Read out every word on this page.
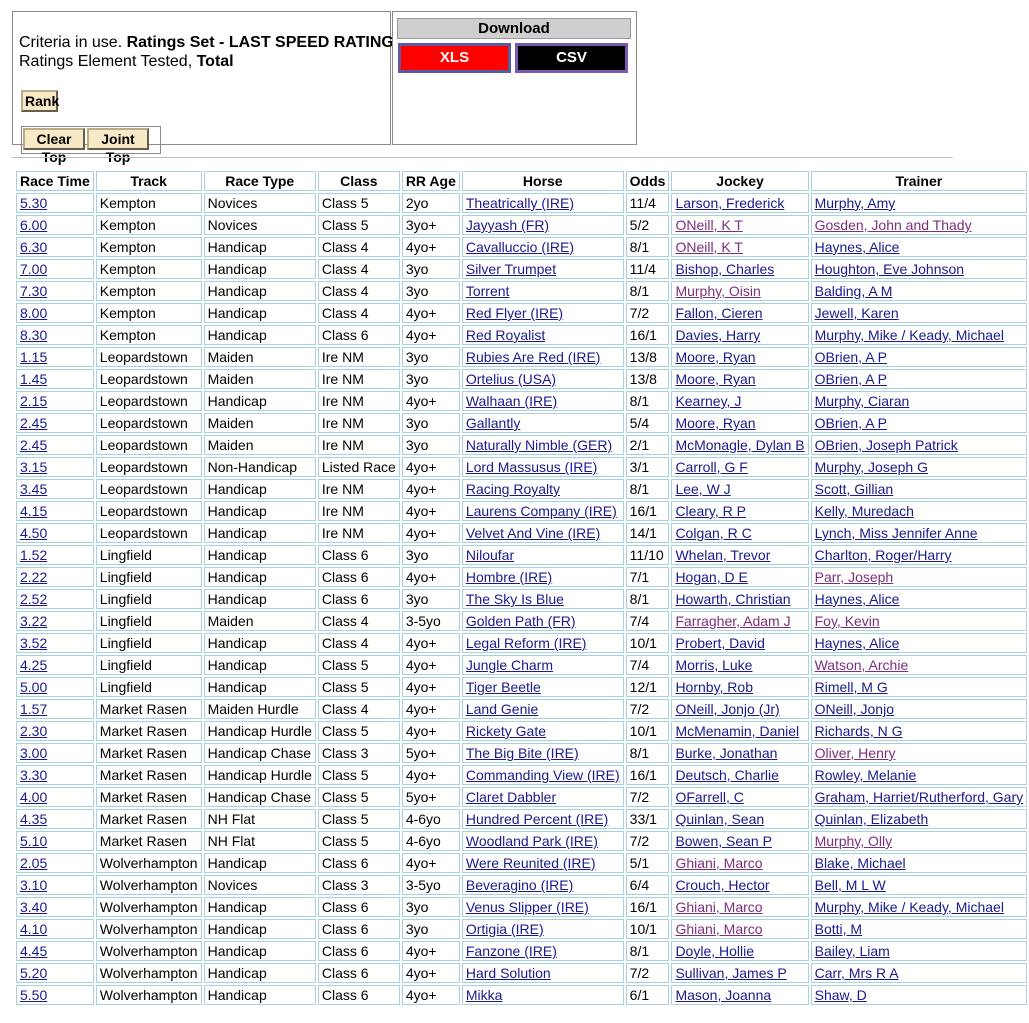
Criteria in use. Ratings Set - LAST SPEED RATING
Ratings Element Tested, Total
Rank
Clear Top
Joint Top
Download
XLS	CSV
Race Time	Track	Race Type	Class	RR Age	Horse	Odds	Jockey	Trainer
5.30	Kempton	Novices	Class 5	2yo	Theatrically (IRE)	11/4	Larson, Frederick	Murphy, Amy
6.00	Kempton	Novices	Class 5	3yo+	Jayyash (FR)	5/2	ONeill, K T	Gosden, John and Thady
6.30	Kempton	Handicap	Class 4	4yo+	Cavalluccio (IRE)	8/1	ONeill, K T	Haynes, Alice
7.00	Kempton	Handicap	Class 4	3yo	Silver Trumpet	11/4	Bishop, Charles	Houghton, Eve Johnson
7.30	Kempton	Handicap	Class 4	3yo	Torrent	8/1	Murphy, Oisin	Balding, A M
8.00	Kempton	Handicap	Class 4	4yo+	Red Flyer (IRE)	7/2	Fallon, Cieren	Jewell, Karen
8.30	Kempton	Handicap	Class 6	4yo+	Red Royalist	16/1	Davies, Harry	Murphy, Mike / Keady, Michael
1.15	Leopardstown	Maiden	Ire NM	3yo	Rubies Are Red (IRE)	13/8	Moore, Ryan	OBrien, A P
1.45	Leopardstown	Maiden	Ire NM	3yo	Ortelius (USA)	13/8	Moore, Ryan	OBrien, A P
2.15	Leopardstown	Handicap	Ire NM	4yo+	Walhaan (IRE)	8/1	Kearney, J	Murphy, Ciaran
2.45	Leopardstown	Maiden	Ire NM	3yo	Gallantly	5/4	Moore, Ryan	OBrien, A P
2.45	Leopardstown	Maiden	Ire NM	3yo	Naturally Nimble (GER)	2/1	McMonagle, Dylan B	OBrien, Joseph Patrick
3.15	Leopardstown	Non-Handicap	Listed Race	4yo+	Lord Massusus (IRE)	3/1	Carroll, G F	Murphy, Joseph G
3.45	Leopardstown	Handicap	Ire NM	4yo+	Racing Royalty	8/1	Lee, W J	Scott, Gillian
4.15	Leopardstown	Handicap	Ire NM	4yo+	Laurens Company (IRE)	16/1	Cleary, R P	Kelly, Muredach
4.50	Leopardstown	Handicap	Ire NM	4yo+	Velvet And Vine (IRE)	14/1	Colgan, R C	Lynch, Miss Jennifer Anne
1.52	Lingfield	Handicap	Class 6	3yo	Niloufar	11/10	Whelan, Trevor	Charlton, Roger/Harry
2.22	Lingfield	Handicap	Class 6	4yo+	Hombre (IRE)	7/1	Hogan, D E	Parr, Joseph
2.52	Lingfield	Handicap	Class 6	3yo	The Sky Is Blue	8/1	Howarth, Christian	Haynes, Alice
3.22	Lingfield	Maiden	Class 4	3-5yo	Golden Path (FR)	7/4	Farragher, Adam J	Foy, Kevin
3.52	Lingfield	Handicap	Class 4	4yo+	Legal Reform (IRE)	10/1	Probert, David	Haynes, Alice
4.25	Lingfield	Handicap	Class 5	4yo+	Jungle Charm	7/4	Morris, Luke	Watson, Archie
5.00	Lingfield	Handicap	Class 5	4yo+	Tiger Beetle	12/1	Hornby, Rob	Rimell, M G
1.57	Market Rasen	Maiden Hurdle	Class 4	4yo+	Land Genie	7/2	ONeill, Jonjo (Jr)	ONeill, Jonjo
2.30	Market Rasen	Handicap Hurdle	Class 5	4yo+	Rickety Gate	10/1	McMenamin, Daniel	Richards, N G
3.00	Market Rasen	Handicap Chase	Class 3	5yo+	The Big Bite (IRE)	8/1	Burke, Jonathan	Oliver, Henry
3.30	Market Rasen	Handicap Hurdle	Class 5	4yo+	Commanding View (IRE)	16/1	Deutsch, Charlie	Rowley, Melanie
4.00	Market Rasen	Handicap Chase	Class 5	5yo+	Claret Dabbler	7/2	OFarrell, C	Graham, Harriet/Rutherford, Gary
4.35	Market Rasen	NH Flat	Class 5	4-6yo	Hundred Percent (IRE)	33/1	Quinlan, Sean	Quinlan, Elizabeth
5.10	Market Rasen	NH Flat	Class 5	4-6yo	Woodland Park (IRE)	7/2	Bowen, Sean P	Murphy, Olly
2.05	Wolverhampton	Handicap	Class 6	4yo+	Were Reunited (IRE)	5/1	Ghiani, Marco	Blake, Michael
3.10	Wolverhampton	Novices	Class 3	3-5yo	Beveragino (IRE)	6/4	Crouch, Hector	Bell, M L W
3.40	Wolverhampton	Handicap	Class 6	3yo	Venus Slipper (IRE)	16/1	Ghiani, Marco	Murphy, Mike / Keady, Michael
4.10	Wolverhampton	Handicap	Class 6	3yo	Ortigia (IRE)	10/1	Ghiani, Marco	Botti, M
4.45	Wolverhampton	Handicap	Class 6	4yo+	Fanzone (IRE)	8/1	Doyle, Hollie	Bailey, Liam
5.20	Wolverhampton	Handicap	Class 6	4yo+	Hard Solution	7/2	Sullivan, James P	Carr, Mrs R A
5.50	Wolverhampton	Handicap	Class 6	4yo+	Mikka	6/1	Mason, Joanna	Shaw, D
